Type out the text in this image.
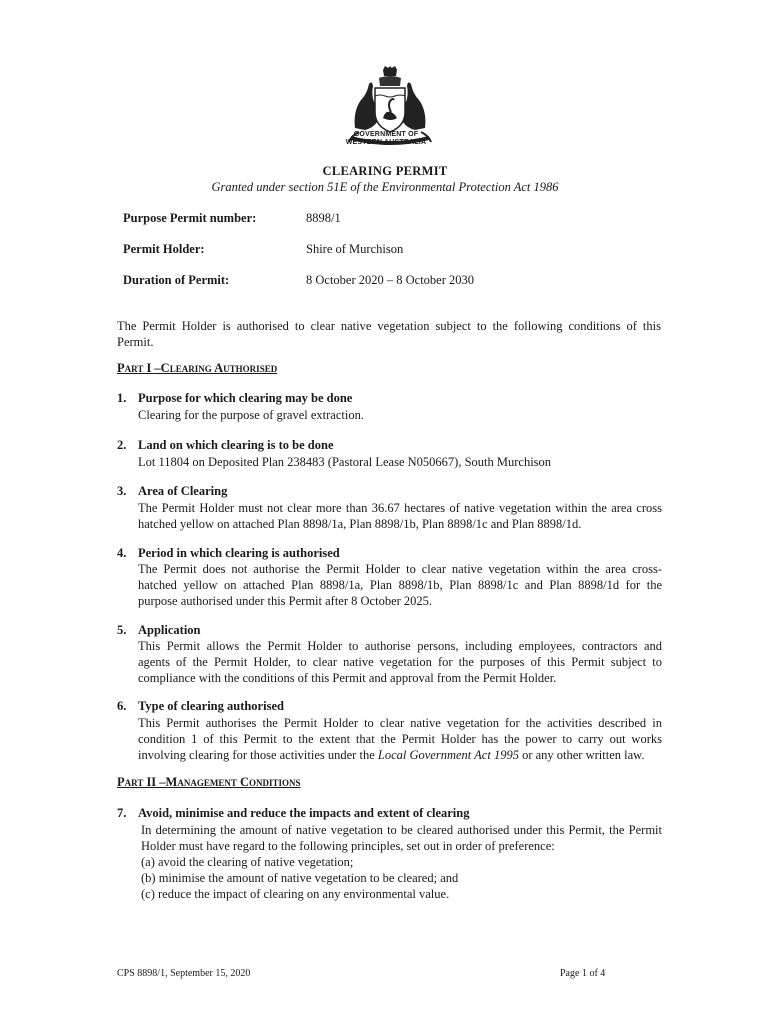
GOVERNMENT OF
WESTERN AUSTRALIA
CLEARING PERMIT
Granted under section 51E of the Environmental Protection Act 1986
Purpose Permit number:	8898/1
Permit Holder:	Shire of Murchison
Duration of Permit:	8 October 2020 – 8 October 2030
The Permit Holder is authorised to clear native vegetation subject to the following conditions of this
Permit.
Part I –Clearing Authorised
1. Purpose for which clearing may be done
Clearing for the purpose of gravel extraction.
2. Land on which clearing is to be done
Lot 11804 on Deposited Plan 238483 (Pastoral Lease N050667), South Murchison
3. Area of Clearing
The Permit Holder must not clear more than 36.67 hectares of native vegetation within the area cross
hatched yellow on attached Plan 8898/1a, Plan 8898/1b, Plan 8898/1c and Plan 8898/1d.
4. Period in which clearing is authorised
The Permit does not authorise the Permit Holder to clear native vegetation within the area cross-
hatched yellow on attached Plan 8898/1a, Plan 8898/1b, Plan 8898/1c and Plan 8898/1d for the
purpose authorised under this Permit after 8 October 2025.
5. Application
This Permit allows the Permit Holder to authorise persons, including employees, contractors and
agents of the Permit Holder, to clear native vegetation for the purposes of this Permit subject to
compliance with the conditions of this Permit and approval from the Permit Holder.
6. Type of clearing authorised
This Permit authorises the Permit Holder to clear native vegetation for the activities described in
condition 1 of this Permit to the extent that the Permit Holder has the power to carry out works
involving clearing for those activities under the Local Government Act 1995 or any other written law.
Part II –Management Conditions
7. Avoid, minimise and reduce the impacts and extent of clearing
In determining the amount of native vegetation to be cleared authorised under this Permit, the Permit
Holder must have regard to the following principles, set out in order of preference:
(a) avoid the clearing of native vegetation;
(b) minimise the amount of native vegetation to be cleared; and
(c) reduce the impact of clearing on any environmental value.
CPS 8898/1, September 15, 2020	Page 1 of 4
